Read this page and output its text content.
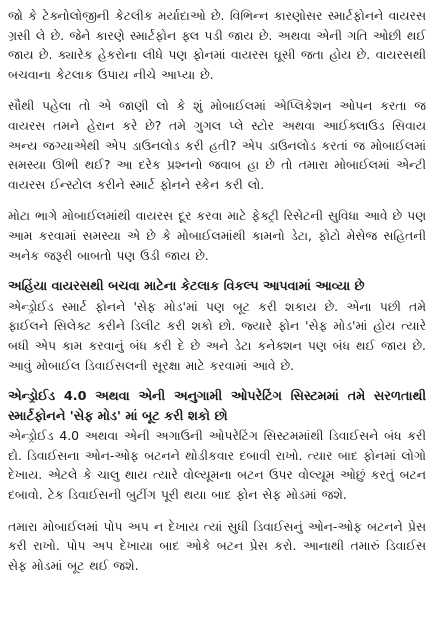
જો કે ટેક્નોલોજીની કેટલીક મર્યાદાઓ છે. વિભિન્ન કારણોસર સ્માર્ટફોનને વાયરસ ગ્રસી લે છે. જેને કારણે સ્માર્ટફોન ફ્લ પડી જાય છે. અથવા એની ગતિ ઓછી થઈ જાય છે. ક્યારેક હેકરોના લીધે પણ ફોનમાં વાયરસ ઘૂસી જતા હોય છે. વાયરસથી બચવાના કેટલાક ઉપાય નીચે આપ્યા છે.

સૌથી પહેલા તો એ જાણી લો કે શું મોબાઈલમાં એપ્લિકેશન ઓપન કરતા જ વાયરસ તમને હેરાન કરે છે? તમે ગુગલ પ્લે સ્ટોર અથવા આઈક્લાઉડ સિવાય અન્ય જગ્યાએથી એપ ડાઉનલોડ કરી હતી? એપ ડાઉનલોડ કરતાં જ મોબાઈલમાં સમસ્યા ઊભી થઈ? આ દરેક પ્રશ્નનો જવાબ હા છે તો તમારા મોબાઈલમાં એન્ટી વાયરસ ઈન્સ્ટોલ કરીને સ્માર્ટ ફોનને સ્કેન કરી લો.

મોટા ભાગે મોબાઈલમાંથી વાયરસ દૂર કરવા માટે ફેક્ટ્રી રિસેટની સુવિધા આવે છે પણ આમ કરવામાં સમસ્યા એ છે કે મોબાઈલમાંથી કામનો ડેટા, ફોટો મેસેજ સહિતની અનેક જરૂરી બાબતો પણ ઉડી જાય છે.

અહિંયા વાયરસથી બચવા માટેના કેટલાક વિકલ્પ આપવામાં આવ્યા છે

એન્ડ્રોઈડ સ્માર્ટ ફોનને 'સેફ મોડ'માં પણ બૂટ કરી શકાય છે. એના પછી તમે ફાઈલને સિલેક્ટ કરીને ડિલીટ કરી શકો છો. જ્યારે ફોન 'સેફ મોડ'માં હોય ત્યારે બધી એપ કામ કરવાનું બંધ કરી દે છે અને ડેટા કનેક્શન પણ બંધ થઈ જાય છે. આવું મોબાઈલ ડિવાઈસલની સૂરક્ષા માટે કરવામાં આવે છે.

એન્ડ્રોઈડ 4.0 અથવા એની અનુગામી ઓપરેટિંગ સિસ્ટમમાં તમે સરળતાથી સ્માર્ટફોનને 'સેફ મોડ' માં બૂટ કરી શકો છો

એન્ડ્રોઈડ 4.0 અથવા એની અગાઉની ઓપરેટિંગ સિસ્ટમમાંથી ડિવાઈસને બંધ કરી દો. ડિવાઈસના ઓન-ઓફ બટનને થોડીકવાર દબાવી રાખો. ત્યાર બાદ ફોનમાં લોગો દેખાય. એટલે કે ચાલુ થાય ત્યારે વોલ્યૂમના બટન ઉપર વોલ્યૂમ ઓછું કરતું બટન દબાવો. ટેક ડિવાઈસની બુટીંગ પૂરી થયા બાદ ફોન સેફ મોડમાં જશે.

તમારા મોબાઈલમાં પોપ અપ ન દેખાય ત્યાં સુધી ડિવાઈસનું ઓન-ઓફ બટનને પ્રેસ કરી રાખો. પોપ અપ દેખાયા બાદ ઓકે બટન પ્રેસ કરો. આનાથી તમારું ડિવાઈસ સેફ મોડમાં બૂટ થઈ જશે.
